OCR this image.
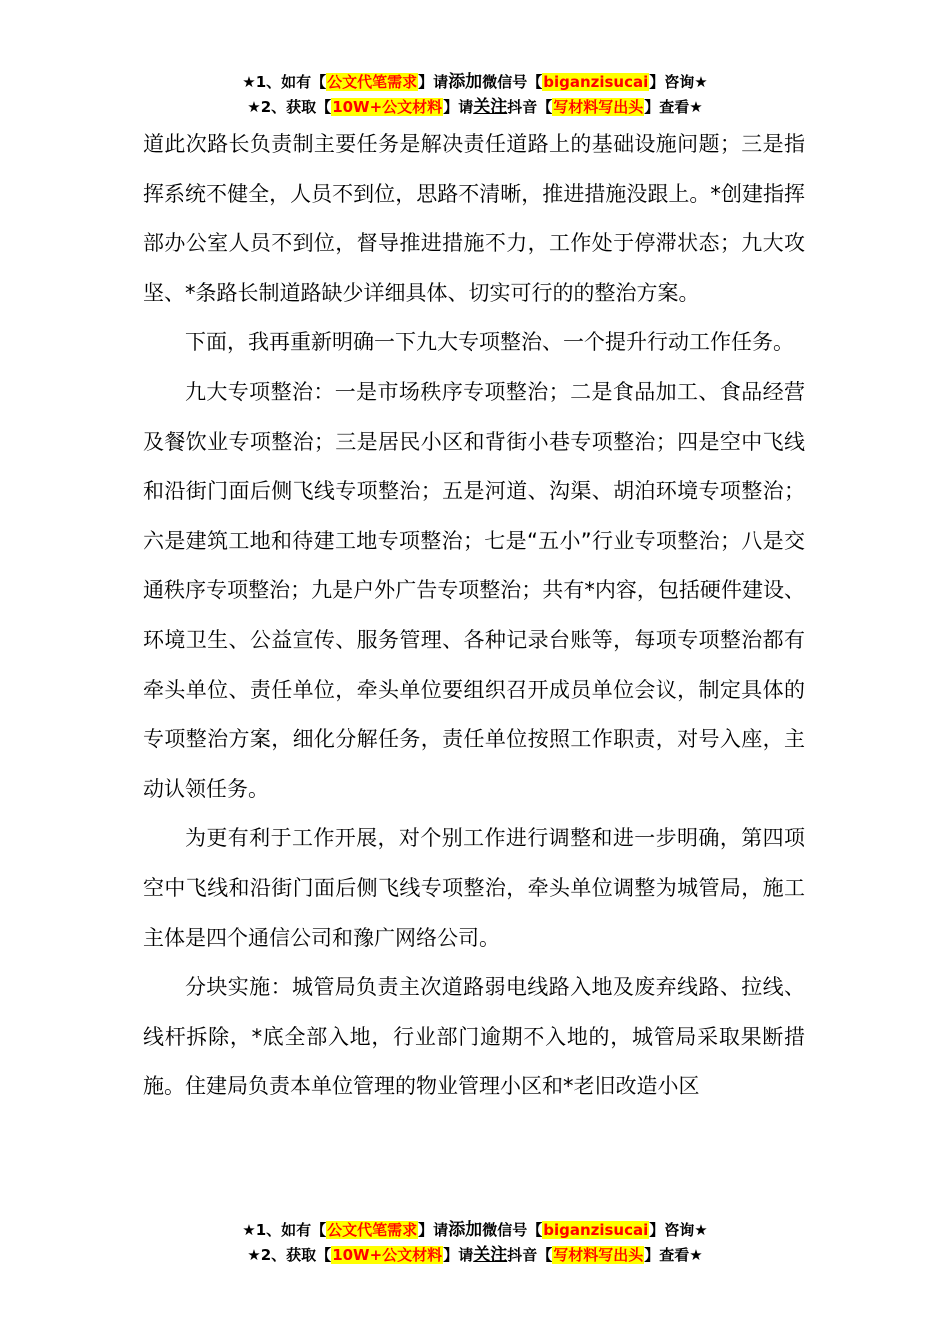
★1、如有【公文代笔需求】请添加微信号【biganzisucai】咨询★
★2、获取【10W+公文材料】请关注抖音【写材料写出头】查看★

道此次路长负责制主要任务是解决责任道路上的基础设施问题；三是指挥系统不健全，人员不到位，思路不清晰，推进措施没跟上。*创建指挥部办公室人员不到位，督导推进措施不力，工作处于停滞状态；九大攻坚、*条路长制道路缺少详细具体、切实可行的的整治方案。

下面，我再重新明确一下九大专项整治、一个提升行动工作任务。

九大专项整治：一是市场秩序专项整治；二是食品加工、食品经营及餐饮业专项整治；三是居民小区和背街小巷专项整治；四是空中飞线和沿街门面后侧飞线专项整治；五是河道、沟渠、胡泊环境专项整治；六是建筑工地和待建工地专项整治；七是“五小”行业专项整治；八是交通秩序专项整治；九是户外广告专项整治；共有*内容，包括硬件建设、环境卫生、公益宣传、服务管理、各种记录台账等，每项专项整治都有牵头单位、责任单位，牵头单位要组织召开成员单位会议，制定具体的专项整治方案，细化分解任务，责任单位按照工作职责，对号入座，主动认领任务。

为更有利于工作开展，对个别工作进行调整和进一步明确，第四项空中飞线和沿街门面后侧飞线专项整治，牵头单位调整为城管局，施工主体是四个通信公司和豫广网络公司。

分块实施：城管局负责主次道路弱电线路入地及废弃线路、拉线、线杆拆除，*底全部入地，行业部门逾期不入地的，城管局采取果断措施。住建局负责本单位管理的物业管理小区和*老旧改造小区

★1、如有【公文代笔需求】请添加微信号【biganzisucai】咨询★
★2、获取【10W+公文材料】请关注抖音【写材料写出头】查看★
